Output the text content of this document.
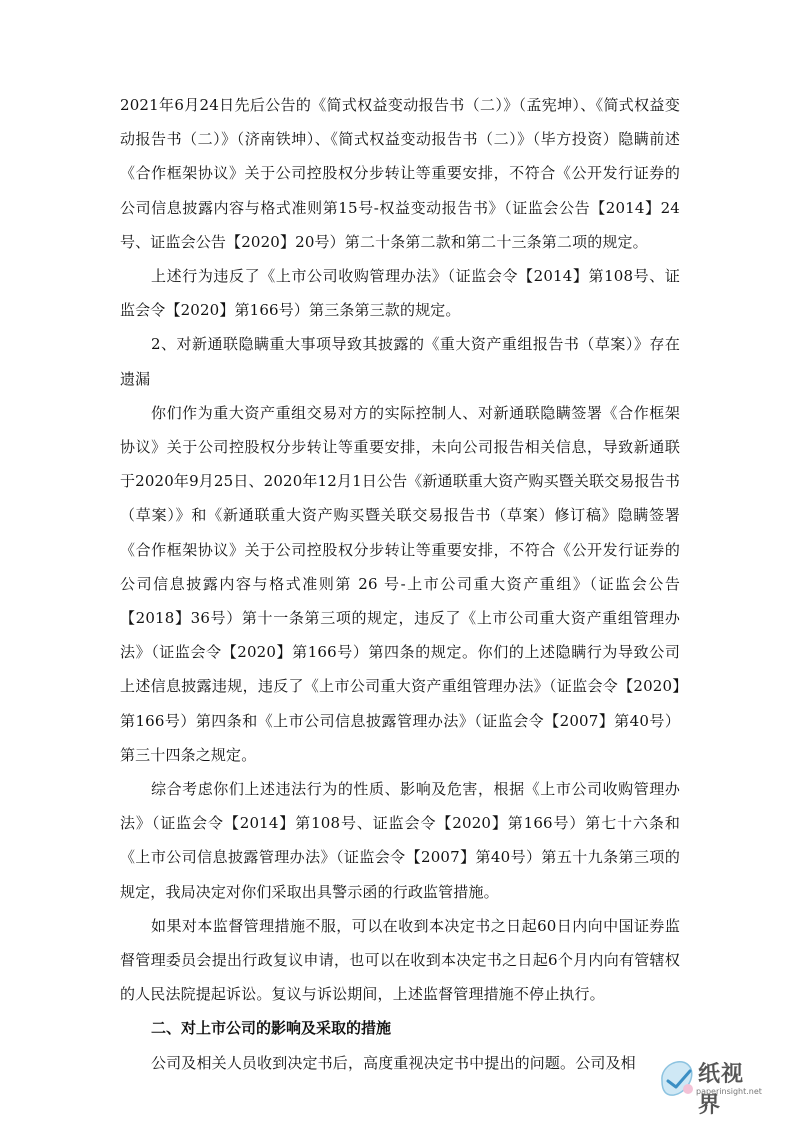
2021年6月24日先后公告的《简式权益变动报告书（二）》（孟宪坤）、《简式权益变动报告书（二）》（济南铁坤）、《简式权益变动报告书（二）》（毕方投资）隐瞒前述《合作框架协议》关于公司控股权分步转让等重要安排，不符合《公开发行证券的公司信息披露内容与格式准则第15号-权益变动报告书》（证监会公告【2014】24号、证监会公告【2020】20号）第二十条第二款和第二十三条第二项的规定。

上述行为违反了《上市公司收购管理办法》（证监会令【2014】第108号、证监会令【2020】第166号）第三条第三款的规定。

2、对新通联隐瞒重大事项导致其披露的《重大资产重组报告书（草案）》存在遗漏

你们作为重大资产重组交易对方的实际控制人、对新通联隐瞒签署《合作框架协议》关于公司控股权分步转让等重要安排，未向公司报告相关信息，导致新通联于2020年9月25日、2020年12月1日公告《新通联重大资产购买暨关联交易报告书（草案）》和《新通联重大资产购买暨关联交易报告书（草案）修订稿》隐瞒签署《合作框架协议》关于公司控股权分步转让等重要安排，不符合《公开发行证券的公司信息披露内容与格式准则第 26 号-上市公司重大资产重组》（证监会公告【2018】36号）第十一条第三项的规定，违反了《上市公司重大资产重组管理办法》（证监会令【2020】第166号）第四条的规定。你们的上述隐瞒行为导致公司上述信息披露违规，违反了《上市公司重大资产重组管理办法》（证监会令【2020】第166号）第四条和《上市公司信息披露管理办法》（证监会令【2007】第40号）第三十四条之规定。

综合考虑你们上述违法行为的性质、影响及危害，根据《上市公司收购管理办法》（证监会令【2014】第108号、证监会令【2020】第166号）第七十六条和《上市公司信息披露管理办法》（证监会令【2007】第40号）第五十九条第三项的规定，我局决定对你们采取出具警示函的行政监管措施。

如果对本监督管理措施不服，可以在收到本决定书之日起60日内向中国证券监督管理委员会提出行政复议申请，也可以在收到本决定书之日起6个月内向有管辖权的人民法院提起诉讼。复议与诉讼期间，上述监督管理措施不停止执行。

二、对上市公司的影响及采取的措施

公司及相关人员收到决定书后，高度重视决定书中提出的问题。公司及相	纸视界
paperinsight.net
